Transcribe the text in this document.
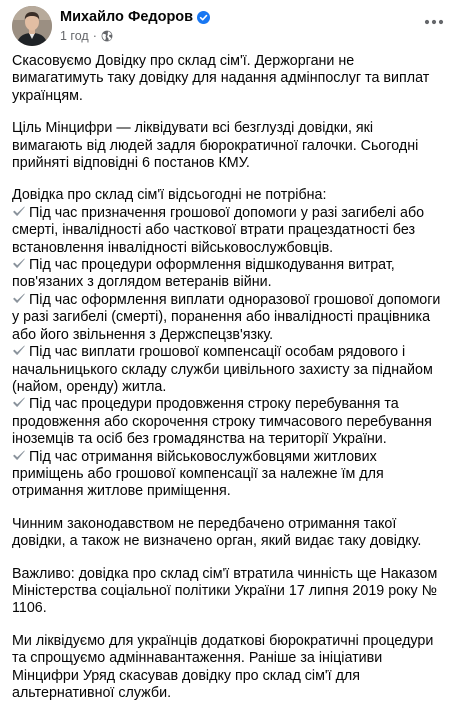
Михайло Федоров
1 год ·

Скасовуємо Довідку про склад сім'ї. Держоргани не вимагатимуть таку довідку для надання адмінпослуг та виплат українцям.

Ціль Мінцифри — ліквідувати всі безглузді довідки, які вимагають від людей задля бюрократичної галочки. Сьогодні прийняті відповідні 6 постанов КМУ.

Довідка про склад сім'ї відсьогодні не потрібна:
Під час призначення грошової допомоги у разі загибелі або смерті, інвалідності або часткової втрати працездатності без встановлення інвалідності військовослужбовців.
Під час процедури оформлення відшкодування витрат, пов'язаних з доглядом ветеранів війни.
Під час оформлення виплати одноразової грошової допомоги у разі загибелі (смерті), поранення або інвалідності працівника або його звільнення з Держспецзв'язку.
Під час виплати грошової компенсації особам рядового і начальницького складу служби цивільного захисту за піднайом (найом, оренду) житла.
Під час процедури продовження строку перебування та продовження або скорочення строку тимчасового перебування іноземців та осіб без громадянства на території України.
Під час отримання військовослужбовцями житлових приміщень або грошової компенсації за належне їм для отримання житлове приміщення.

Чинним законодавством не передбачено отримання такої довідки, а також не визначено орган, який видає таку довідку.

Важливо: довідка про склад сім'ї втратила чинність ще Наказом Міністерства соціальної політики України 17 липня 2019 року № 1106.

Ми ліквідуємо для українців додаткові бюрократичні процедури та спрощуємо адміннавантаження. Раніше за ініціативи Мінцифри Уряд скасував довідку про склад сім'ї для альтернативної служби.
